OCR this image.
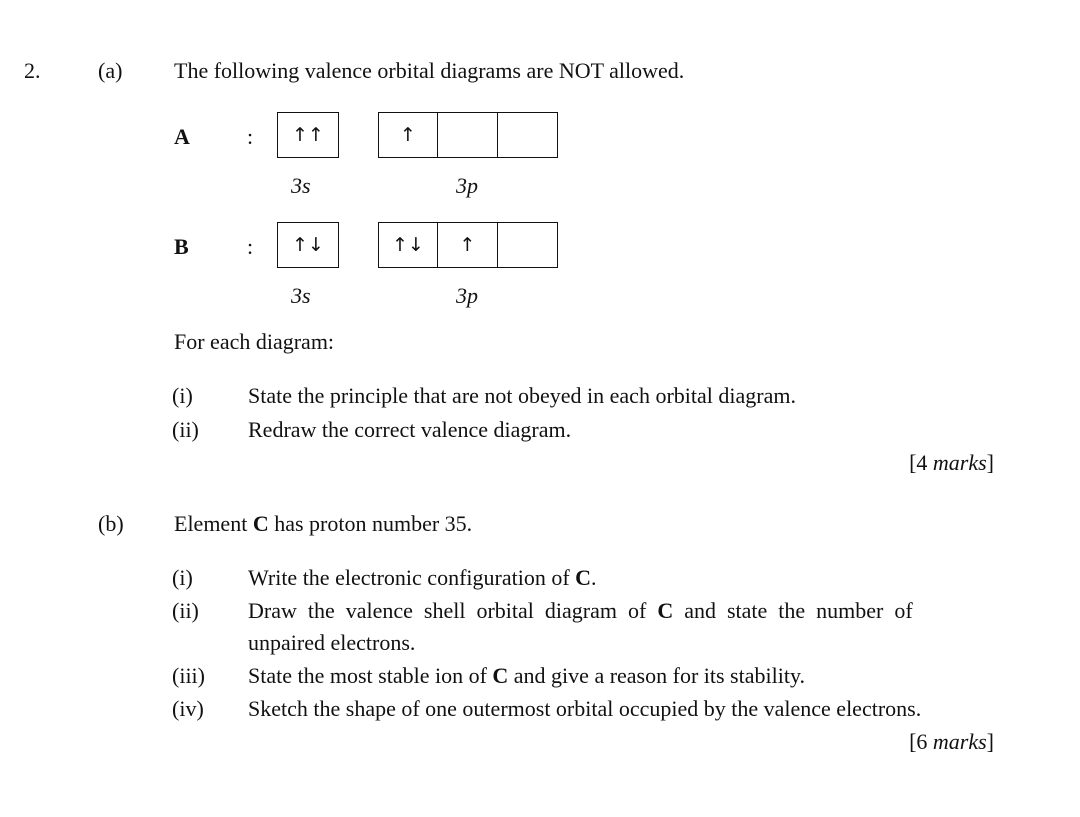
2.	(a) The following valence orbital diagrams are NOT allowed.
A	: ↑↑	↑
3s	3p
B	: ↑↓	↑↓	↑
3s	3p
For each diagram:
(i)	State the principle that are not obeyed in each orbital diagram.
(ii) Redraw the correct valence diagram.
[4 marks]
(b) Element C has proton number 35.
(i)	Write the electronic configuration of C.
(ii) Draw  the  valence  shell  orbital  diagram  of  C  and  state  the  number  of
unpaired electrons.
(iii) State the most stable ion of C and give a reason for its stability.
(iv) Sketch the shape of one outermost orbital occupied by the valence electrons.
[6 marks]
